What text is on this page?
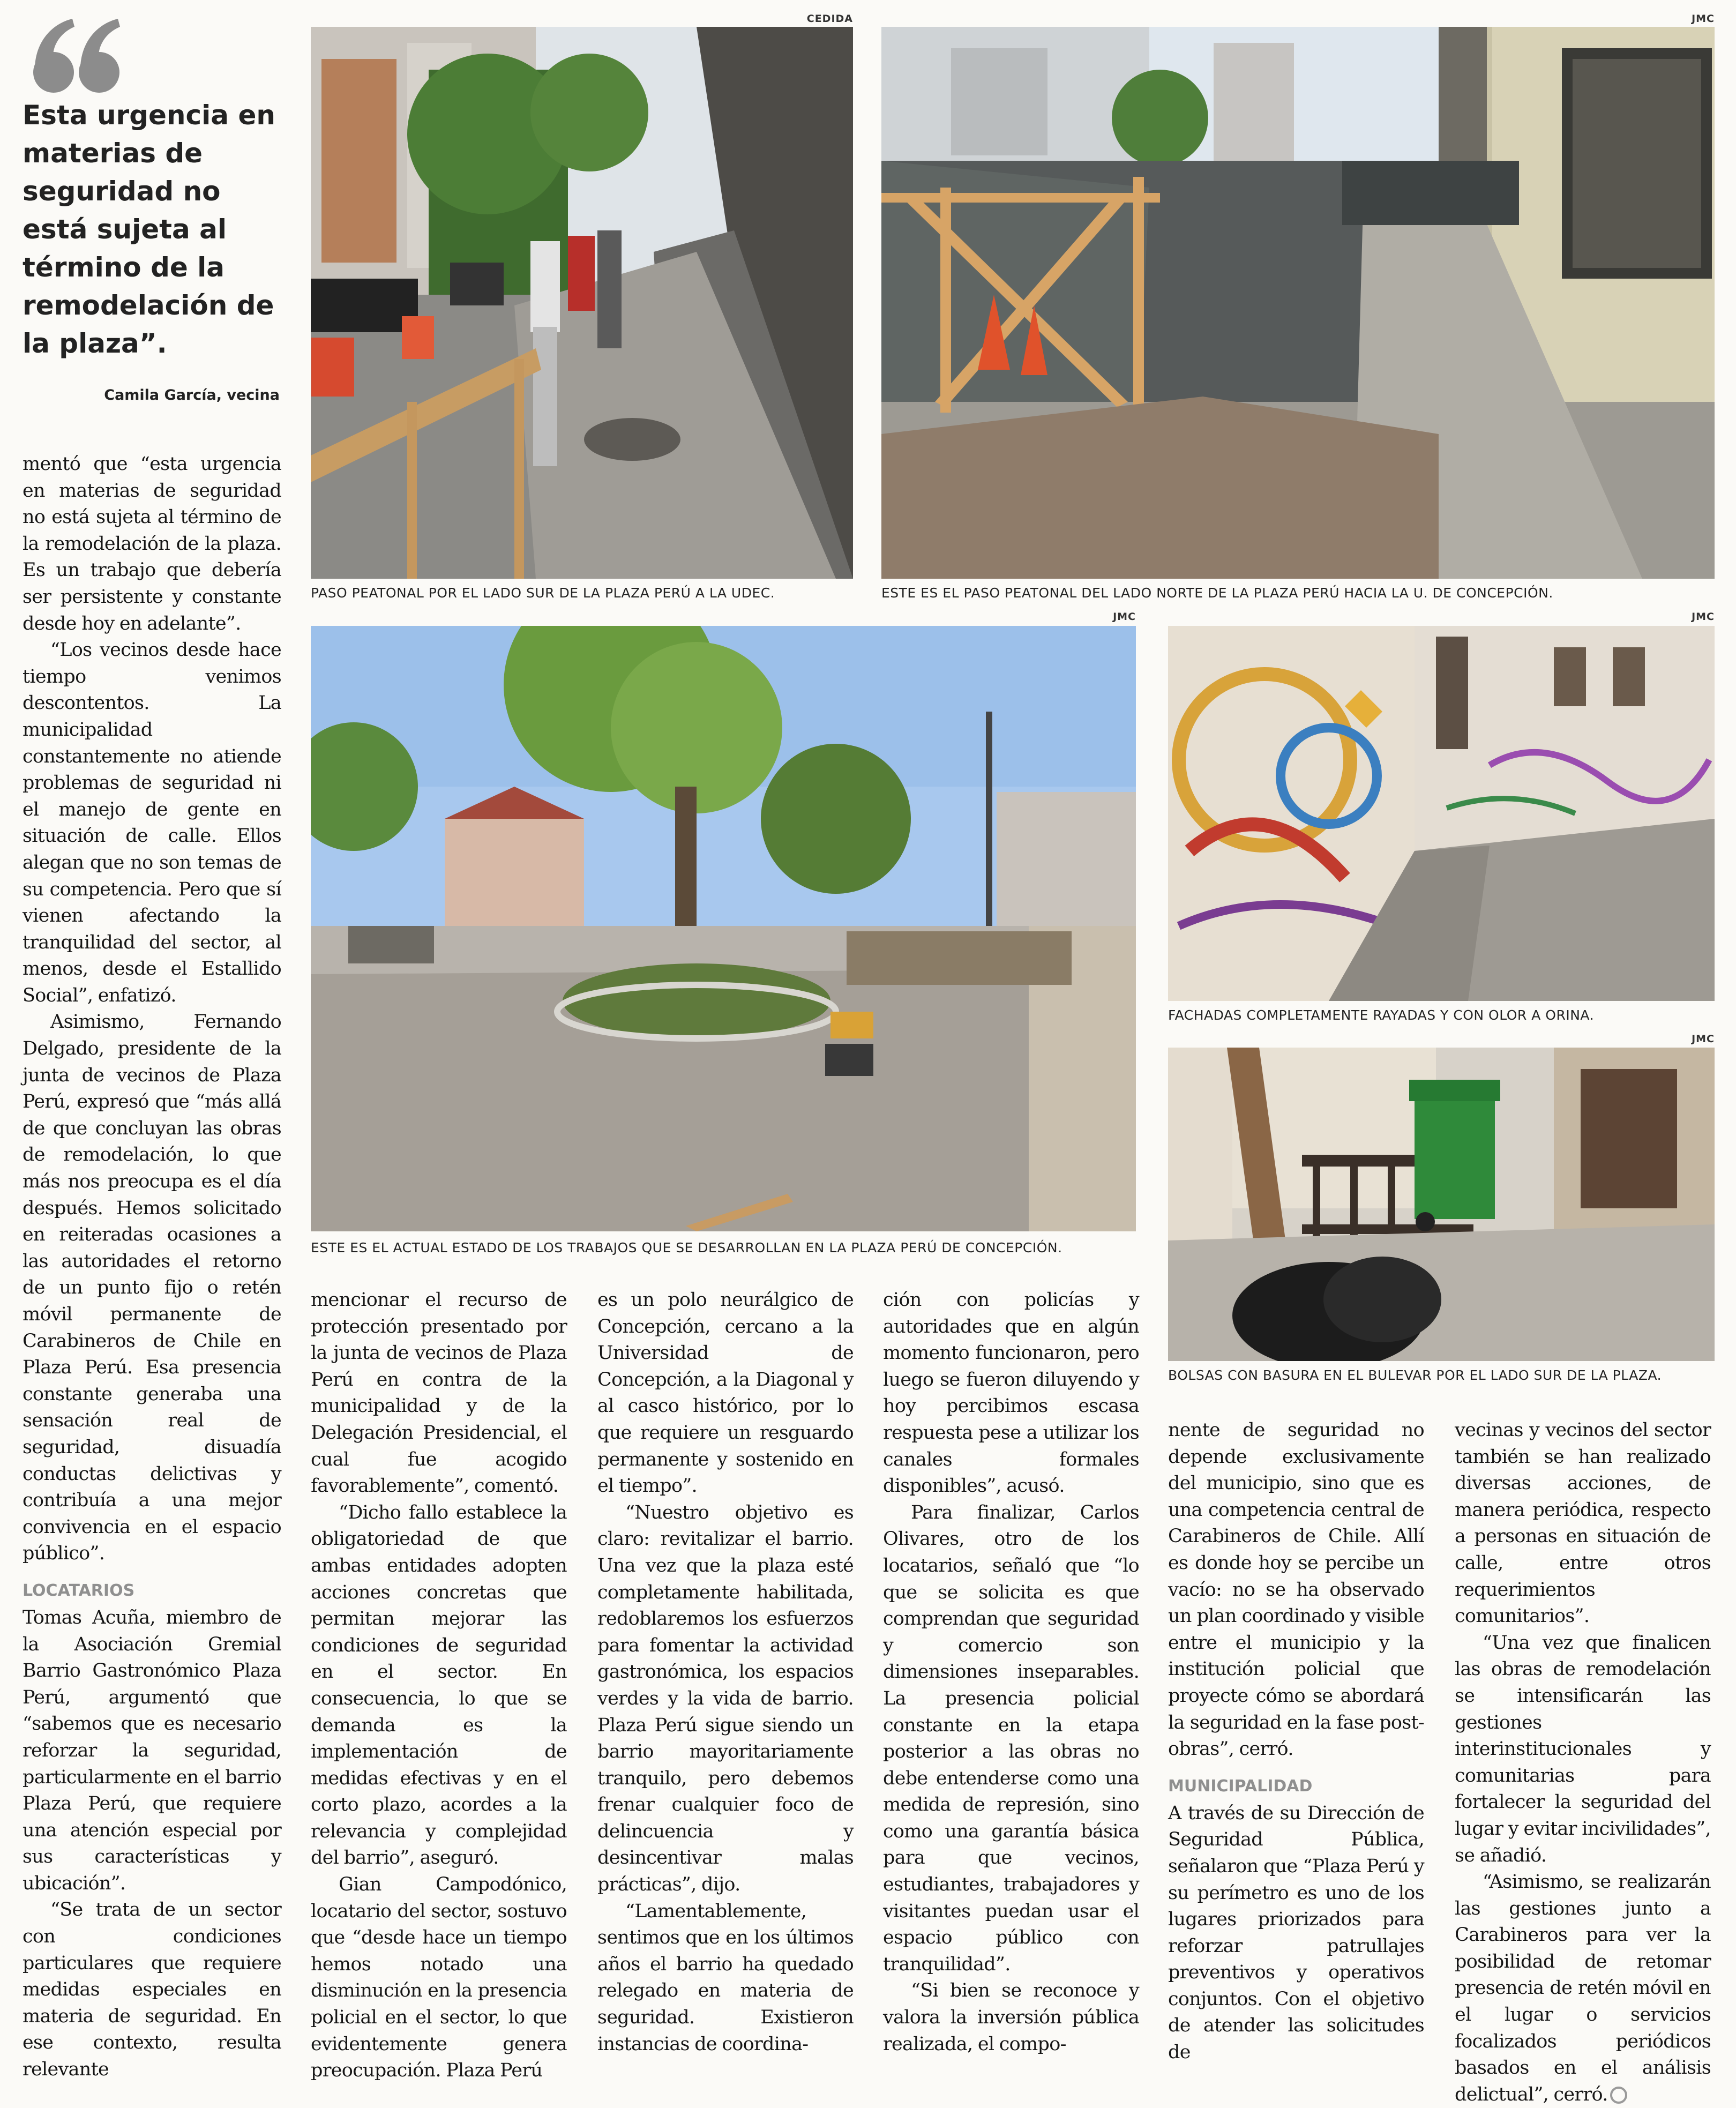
Esta urgencia en materias de seguridad no está sujeta al término de la remodelación de la plaza”.

Camila García, vecina
CEDIDA
PASO PEATONAL POR EL LADO SUR DE LA PLAZA PERÚ A LA UDEC.
JMC
ESTE ES EL PASO PEATONAL DEL LADO NORTE DE LA PLAZA PERÚ HACIA LA U. DE CONCEPCIÓN.
JMC
ESTE ES EL ACTUAL ESTADO DE LOS TRABAJOS QUE SE DESARROLLAN EN LA PLAZA PERÚ DE CONCEPCIÓN.
JMC
FACHADAS COMPLETAMENTE RAYADAS Y CON OLOR A ORINA.
JMC
BOLSAS CON BASURA EN EL BULEVAR POR EL LADO SUR DE LA PLAZA.

mentó que “esta urgencia en materias de seguridad no está sujeta al término de la remodelación de la plaza. Es un trabajo que debería ser persistente y constante desde hoy en adelante”.

“Los vecinos desde hace tiempo venimos descontentos. La municipalidad constantemente no atiende problemas de seguridad ni el manejo de gente en situación de calle. Ellos alegan que no son temas de su competencia. Pero que sí vienen afectando la tranquilidad del sector, al menos, desde el Estallido Social”, enfatizó.

Asimismo, Fernando Delgado, presidente de la junta de vecinos de Plaza Perú, expresó que “más allá de que concluyan las obras de remodelación, lo que más nos preocupa es el día después. Hemos solicitado en reiteradas ocasiones a las autoridades el retorno de un punto fijo o retén móvil permanente de Carabineros de Chile en Plaza Perú. Esa presencia constante generaba una sensación real de seguridad, disuadía conductas delictivas y contribuía a una mejor convivencia en el espacio público”.

LOCATARIOS

Tomas Acuña, miembro de la Asociación Gremial Barrio Gastronómico Plaza Perú, argumentó que “sabemos que es necesario reforzar la seguridad, particularmente en el barrio Plaza Perú, que requiere una atención especial por sus características y ubicación”.

“Se trata de un sector con condiciones particulares que requiere medidas especiales en materia de seguridad. En ese contexto, resulta relevante

mencionar el recurso de protección presentado por la junta de vecinos de Plaza Perú en contra de la municipalidad y de la Delegación Presidencial, el cual fue acogido favorablemente”, comentó.

“Dicho fallo establece la obligatoriedad de que ambas entidades adopten acciones concretas que permitan mejorar las condiciones de seguridad en el sector. En consecuencia, lo que se demanda es la implementación de medidas efectivas y en el corto plazo, acordes a la relevancia y complejidad del barrio”, aseguró.

Gian Campodónico, locatario del sector, sostuvo que “desde hace un tiempo hemos notado una disminución en la presencia policial en el sector, lo que evidentemente genera preocupación. Plaza Perú

es un polo neurálgico de Concepción, cercano a la Universidad de Concepción, a la Diagonal y al casco histórico, por lo que requiere un resguardo permanente y sostenido en el tiempo”.

“Nuestro objetivo es claro: revitalizar el barrio. Una vez que la plaza esté completamente habilitada, redoblaremos los esfuerzos para fomentar la actividad gastronómica, los espacios verdes y la vida de barrio. Plaza Perú sigue siendo un barrio mayoritariamente tranquilo, pero debemos frenar cualquier foco de delincuencia y desincentivar malas prácticas”, dijo.

“Lamentablemente, sentimos que en los últimos años el barrio ha quedado relegado en materia de seguridad. Existieron instancias de coordina-

ción con policías y autoridades que en algún momento funcionaron, pero luego se fueron diluyendo y hoy percibimos escasa respuesta pese a utilizar los canales formales disponibles”, acusó.

Para finalizar, Carlos Olivares, otro de los locatarios, señaló que “lo que se solicita es que comprendan que seguridad y comercio son dimensiones inseparables. La presencia policial constante en la etapa posterior a las obras no debe entenderse como una medida de represión, sino como una garantía básica para que vecinos, estudiantes, trabajadores y visitantes puedan usar el espacio público con tranquilidad”.

“Si bien se reconoce y valora la inversión pública realizada, el compo-

nente de seguridad no depende exclusivamente del municipio, sino que es una competencia central de Carabineros de Chile. Allí es donde hoy se percibe un vacío: no se ha observado un plan coordinado y visible entre el municipio y la institución policial que proyecte cómo se abordará la seguridad en la fase post-obras”, cerró.

MUNICIPALIDAD

A través de su Dirección de Seguridad Pública, señalaron que “Plaza Perú y su perímetro es uno de los lugares priorizados para reforzar patrullajes preventivos y operativos conjuntos. Con el objetivo de atender las solicitudes de

vecinas y vecinos del sector también se han realizado diversas acciones, de manera periódica, respecto a personas en situación de calle, entre otros requerimientos comunitarios”.

“Una vez que finalicen las obras de remodelación se intensificarán las gestiones interinstitucionales y comunitarias para fortalecer la seguridad del lugar y evitar incivilidades”, se añadió.

“Asimismo, se realizarán las gestiones junto a Carabineros para ver la posibilidad de retomar presencia de retén móvil en el lugar o servicios focalizados periódicos basados en el análisis delictual”, cerró.
